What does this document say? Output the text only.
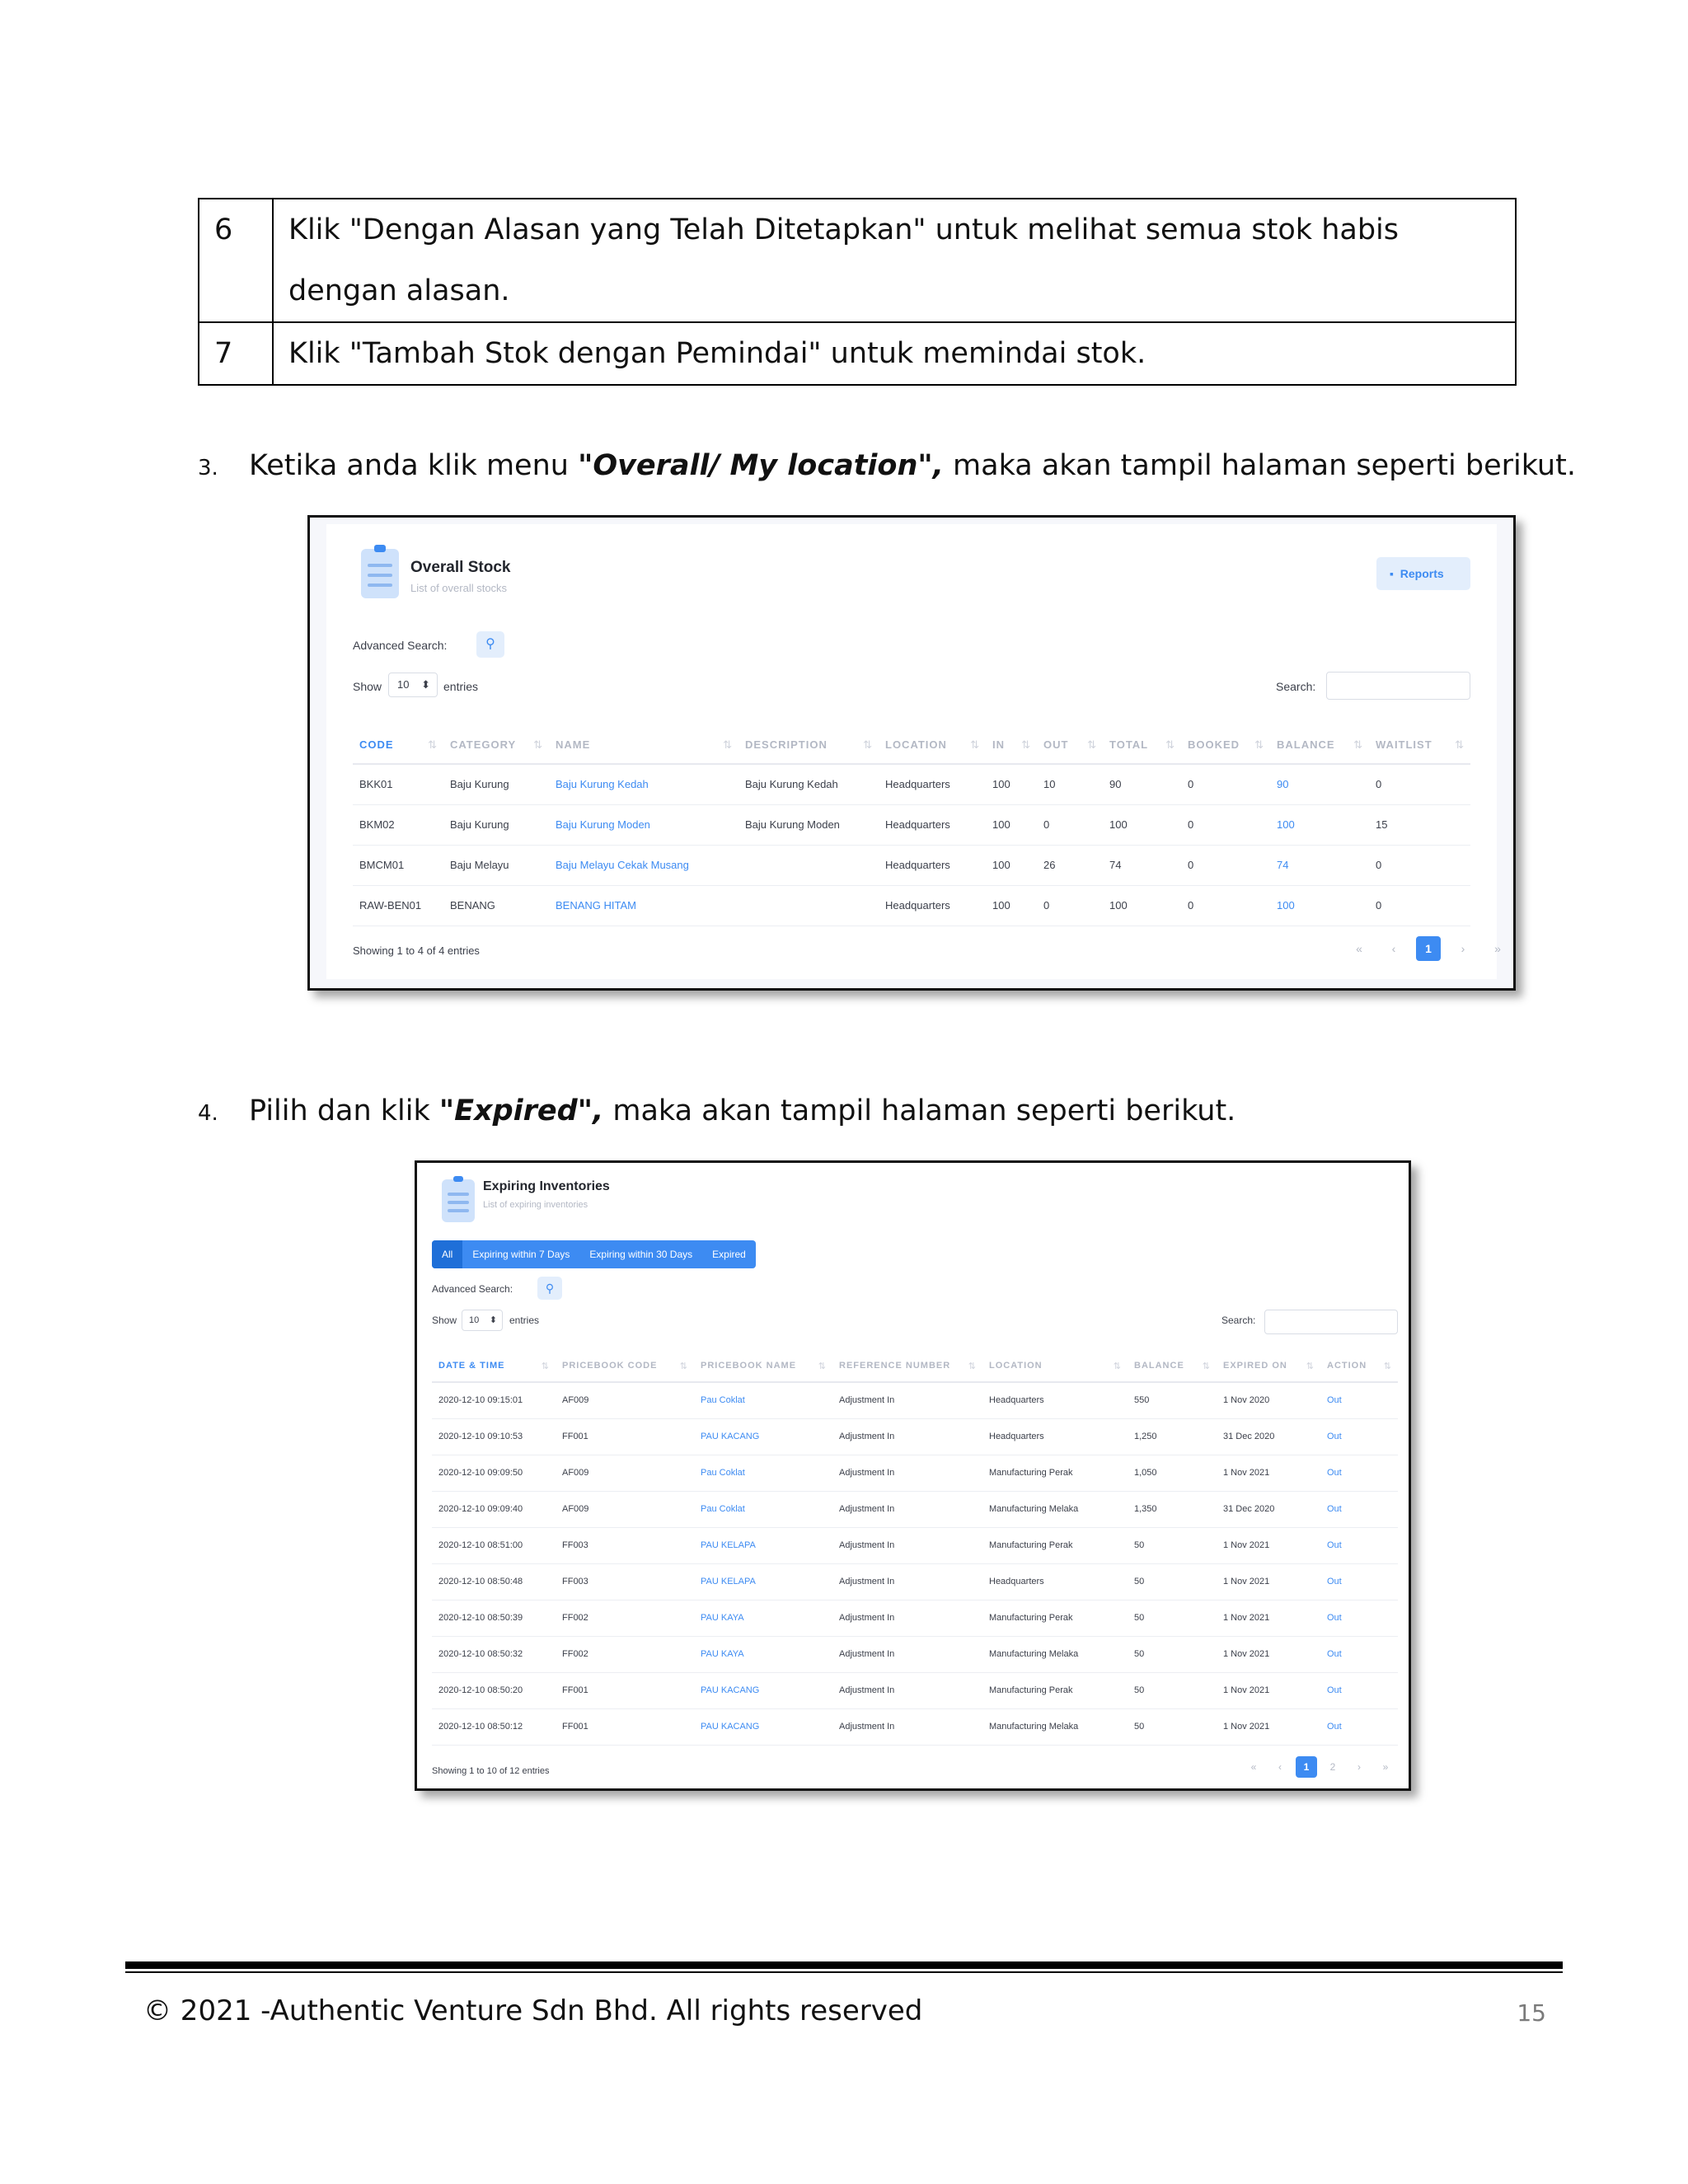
6	Klik "Dengan Alasan yang Telah Ditetapkan" untuk melihat semua stok habis dengan alasan.
7	Klik "Tambah Stok dengan Pemindai" untuk memindai stok.
3. Ketika anda klik menu "Overall/ My location", maka akan tampil halaman seperti berikut.
Overall Stock
List of overall stocks
▪ Reports
Advanced Search:	⚲
Show	10 ⬍ entries	Search:
CODE ⇅	CATEGORY ⇅	NAME ⇅	DESCRIPTION ⇅	LOCATION ⇅	IN ⇅	OUT ⇅	TOTAL ⇅	BOOKED ⇅	BALANCE ⇅	WAITLIST ⇅

BKK01	Baju Kurung	Baju Kurung Kedah	Baju Kurung Kedah	Headquarters	100	10	90	0	90	0
BKM02	Baju Kurung	Baju Kurung Moden	Baju Kurung Moden	Headquarters	100	0	100	0	100	15
BMCM01	Baju Melayu	Baju Melayu Cekak Musang		Headquarters	100	26	74	0	74	0
RAW-BEN01	BENANG	BENANG HITAM		Headquarters	100	0	100	0	100	0
Showing 1 to 4 of 4 entries	«	‹	1	›	»
4. Pilih dan klik "Expired", maka akan tampil halaman seperti berikut.
Expiring Inventories
List of expiring inventories
All	Expiring within 7 Days	Expiring within 30 Days	Expired
Advanced Search:	⚲
Show	10 ⬍ entries	Search:
DATE & TIME ⇅	PRICEBOOK CODE ⇅	PRICEBOOK NAME ⇅	REFERENCE NUMBER ⇅	LOCATION ⇅	BALANCE ⇅	EXPIRED ON ⇅	ACTION ⇅

2020-12-10 09:15:01	AF009	Pau Coklat	Adjustment In	Headquarters	550	1 Nov 2020	Out
2020-12-10 09:10:53	FF001	PAU KACANG	Adjustment In	Headquarters	1,250	31 Dec 2020	Out
2020-12-10 09:09:50	AF009	Pau Coklat	Adjustment In	Manufacturing Perak	1,050	1 Nov 2021	Out
2020-12-10 09:09:40	AF009	Pau Coklat	Adjustment In	Manufacturing Melaka	1,350	31 Dec 2020	Out
2020-12-10 08:51:00	FF003	PAU KELAPA	Adjustment In	Manufacturing Perak	50	1 Nov 2021	Out
2020-12-10 08:50:48	FF003	PAU KELAPA	Adjustment In	Headquarters	50	1 Nov 2021	Out
2020-12-10 08:50:39	FF002	PAU KAYA	Adjustment In	Manufacturing Perak	50	1 Nov 2021	Out
2020-12-10 08:50:32	FF002	PAU KAYA	Adjustment In	Manufacturing Melaka	50	1 Nov 2021	Out
2020-12-10 08:50:20	FF001	PAU KACANG	Adjustment In	Manufacturing Perak	50	1 Nov 2021	Out
2020-12-10 08:50:12	FF001	PAU KACANG	Adjustment In	Manufacturing Melaka	50	1 Nov 2021	Out
Showing 1 to 10 of 12 entries	«	‹	1	2	›	»
© 2021 -Authentic Venture Sdn Bhd. All rights reserved	15
